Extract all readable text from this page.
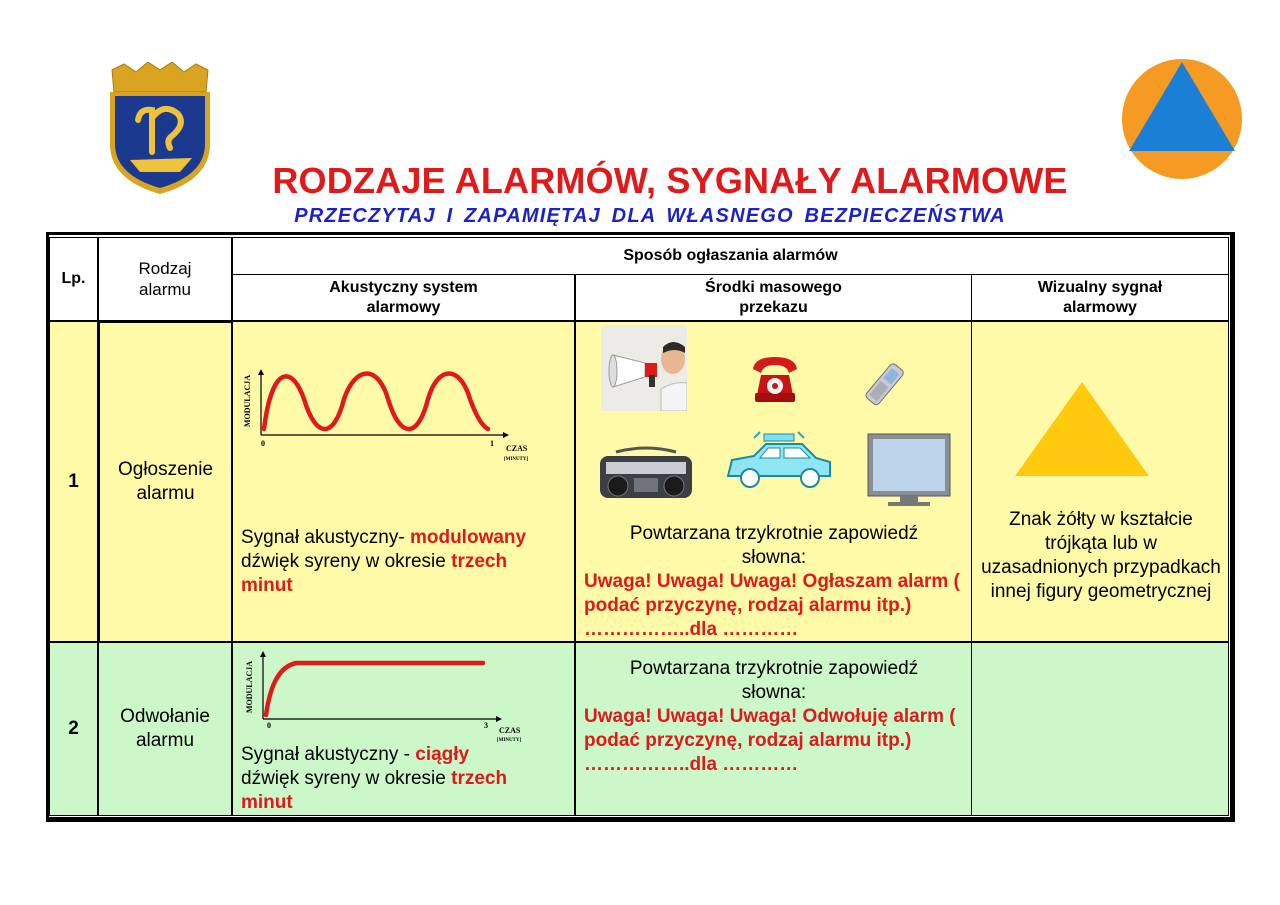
RODZAJE ALARMÓW, SYGNAŁY ALARMOWE
PRZECZYTAJ I ZAPAMIĘTAJ DLA WŁASNEGO BEZPIECZEŃSTWA
Lp.
Rodzaj
alarmu
Sposób ogłaszania alarmów
Akustyczny system
alarmowy
Środki masowego
przekazu
Wizualny sygnał
alarmowy
1
Ogłoszenie
alarmu
MODULACJA
0	1
CZAS
[MINUTY]
Sygnał akustyczny- modulowany
dźwięk syreny w okresie trzech
minut
Powtarzana trzykrotnie zapowiedź słowna:
Uwaga! Uwaga! Uwaga! Ogłaszam alarm ( podać przyczynę, rodzaj alarmu itp.) ……………..dla …………
Znak żółty w kształcie trójkąta lub w uzasadnionych przypadkach innej figury geometrycznej
2
Odwołanie
alarmu
MODULACJA
0	3
CZAS
[MINUTY]
Sygnał akustyczny - ciągły
dźwięk syreny w okresie trzech
minut
Powtarzana trzykrotnie zapowiedź słowna:
Uwaga! Uwaga! Uwaga! Odwołuję alarm ( podać przyczynę, rodzaj alarmu itp.) ……………..dla …………
